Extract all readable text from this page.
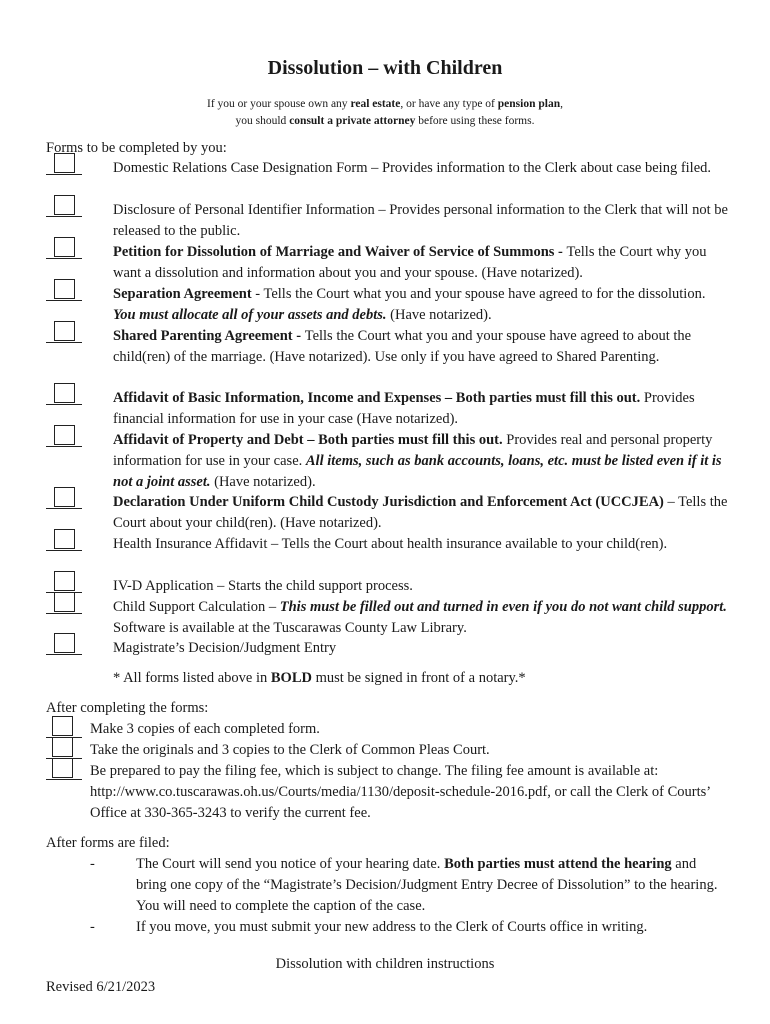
Dissolution – with Children
If you or your spouse own any real estate, or have any type of pension plan,
you should consult a private attorney before using these forms.
Forms to be completed by you:
Domestic Relations Case Designation Form – Provides information to the Clerk about case being filed.
Disclosure of Personal Identifier Information – Provides personal information to the Clerk that will not be released to the public.
Petition for Dissolution of Marriage and Waiver of Service of Summons - Tells the Court why you want a dissolution and information about you and your spouse. (Have notarized).
Separation Agreement - Tells the Court what you and your spouse have agreed to for the dissolution. You must allocate all of your assets and debts. (Have notarized).
Shared Parenting Agreement - Tells the Court what you and your spouse have agreed to about the child(ren) of the marriage. (Have notarized). Use only if you have agreed to Shared Parenting.
Affidavit of Basic Information, Income and Expenses – Both parties must fill this out. Provides financial information for use in your case (Have notarized).
Affidavit of Property and Debt – Both parties must fill this out. Provides real and personal property information for use in your case. All items, such as bank accounts, loans, etc. must be listed even if it is not a joint asset. (Have notarized).
Declaration Under Uniform Child Custody Jurisdiction and Enforcement Act (UCCJEA) – Tells the Court about your child(ren). (Have notarized).
Health Insurance Affidavit – Tells the Court about health insurance available to your child(ren).
IV-D Application – Starts the child support process.
Child Support Calculation – This must be filled out and turned in even if you do not want child support. Software is available at the Tuscarawas County Law Library.
Magistrate’s Decision/Judgment Entry
* All forms listed above in BOLD must be signed in front of a notary.*
After completing the forms:
Make 3 copies of each completed form.
Take the originals and 3 copies to the Clerk of Common Pleas Court.
Be prepared to pay the filing fee, which is subject to change. The filing fee amount is available at: http://www.co.tuscarawas.oh.us/Courts/media/1130/deposit-schedule-2016.pdf, or call the Clerk of Courts’ Office at 330-365-3243 to verify the current fee.
After forms are filed:
-	The Court will send you notice of your hearing date. Both parties must attend the hearing and bring one copy of the “Magistrate’s Decision/Judgment Entry Decree of Dissolution” to the hearing. You will need to complete the caption of the case.
-	If you move, you must submit your new address to the Clerk of Courts office in writing.
Dissolution with children instructions
Revised 6/21/2023
